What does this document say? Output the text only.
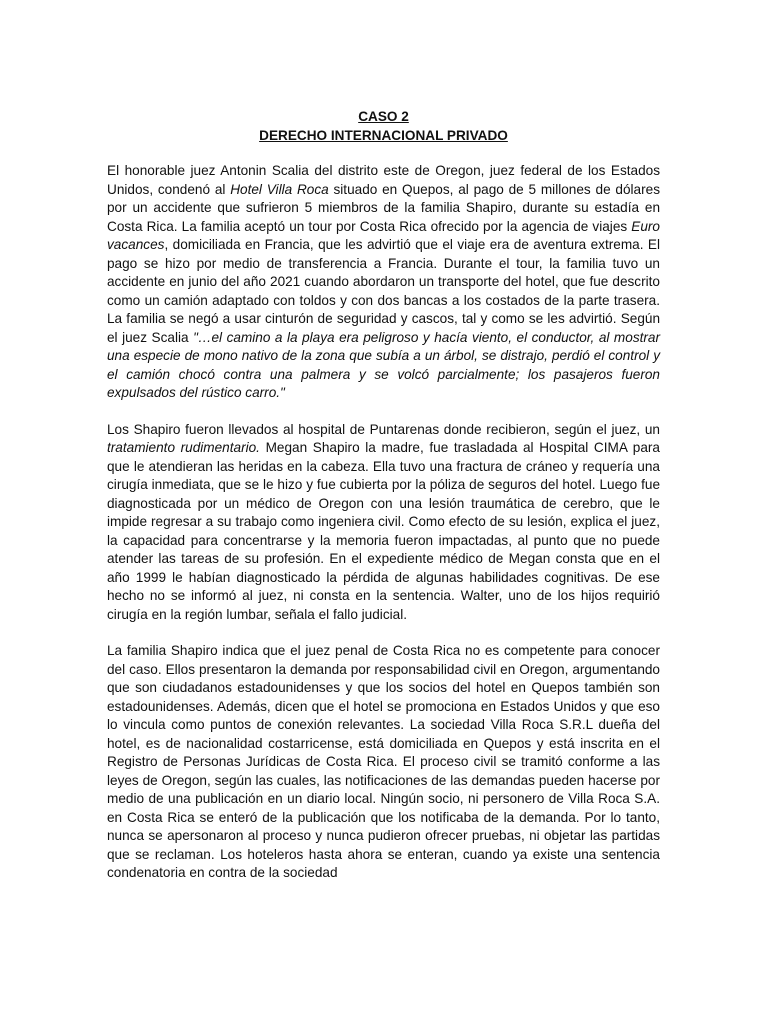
CASO 2
DERECHO INTERNACIONAL PRIVADO

El honorable juez Antonin Scalia del distrito este de Oregon, juez federal de los Estados Unidos, condenó al Hotel Villa Roca situado en Quepos, al pago de 5 millones de dólares por un accidente que sufrieron 5 miembros de la familia Shapiro, durante su estadía en Costa Rica. La familia aceptó un tour por Costa Rica ofrecido por la agencia de viajes Euro vacances, domiciliada en Francia, que les advirtió que el viaje era de aventura extrema. El pago se hizo por medio de transferencia a Francia. Durante el tour, la familia tuvo un accidente en junio del año 2021 cuando abordaron un transporte del hotel, que fue descrito como un camión adaptado con toldos y con dos bancas a los costados de la parte trasera. La familia se negó a usar cinturón de seguridad y cascos, tal y como se les advirtió. Según el juez Scalia "…el camino a la playa era peligroso y hacía viento, el conductor, al mostrar una especie de mono nativo de la zona que subía a un árbol, se distrajo, perdió el control y el camión chocó contra una palmera y se volcó parcialmente; los pasajeros fueron expulsados del rústico carro."

Los Shapiro fueron llevados al hospital de Puntarenas donde recibieron, según el juez, un tratamiento rudimentario. Megan Shapiro la madre, fue trasladada al Hospital CIMA para que le atendieran las heridas en la cabeza. Ella tuvo una fractura de cráneo y requería una cirugía inmediata, que se le hizo y fue cubierta por la póliza de seguros del hotel. Luego fue diagnosticada por un médico de Oregon con una lesión traumática de cerebro, que le impide regresar a su trabajo como ingeniera civil. Como efecto de su lesión, explica el juez, la capacidad para concentrarse y la memoria fueron impactadas, al punto que no puede atender las tareas de su profesión. En el expediente médico de Megan consta que en el año 1999 le habían diagnosticado la pérdida de algunas habilidades cognitivas. De ese hecho no se informó al juez, ni consta en la sentencia. Walter, uno de los hijos requirió cirugía en la región lumbar, señala el fallo judicial.

La familia Shapiro indica que el juez penal de Costa Rica no es competente para conocer del caso. Ellos presentaron la demanda por responsabilidad civil en Oregon, argumentando que son ciudadanos estadounidenses y que los socios del hotel en Quepos también son estadounidenses. Además, dicen que el hotel se promociona en Estados Unidos y que eso lo vincula como puntos de conexión relevantes. La sociedad Villa Roca S.R.L dueña del hotel, es de nacionalidad costarricense, está domiciliada en Quepos y está inscrita en el Registro de Personas Jurídicas de Costa Rica. El proceso civil se tramitó conforme a las leyes de Oregon, según las cuales, las notificaciones de las demandas pueden hacerse por medio de una publicación en un diario local. Ningún socio, ni personero de Villa Roca S.A. en Costa Rica se enteró de la publicación que los notificaba de la demanda. Por lo tanto, nunca se apersonaron al proceso y nunca pudieron ofrecer pruebas, ni objetar las partidas que se reclaman. Los hoteleros hasta ahora se enteran, cuando ya existe una sentencia condenatoria en contra de la sociedad
